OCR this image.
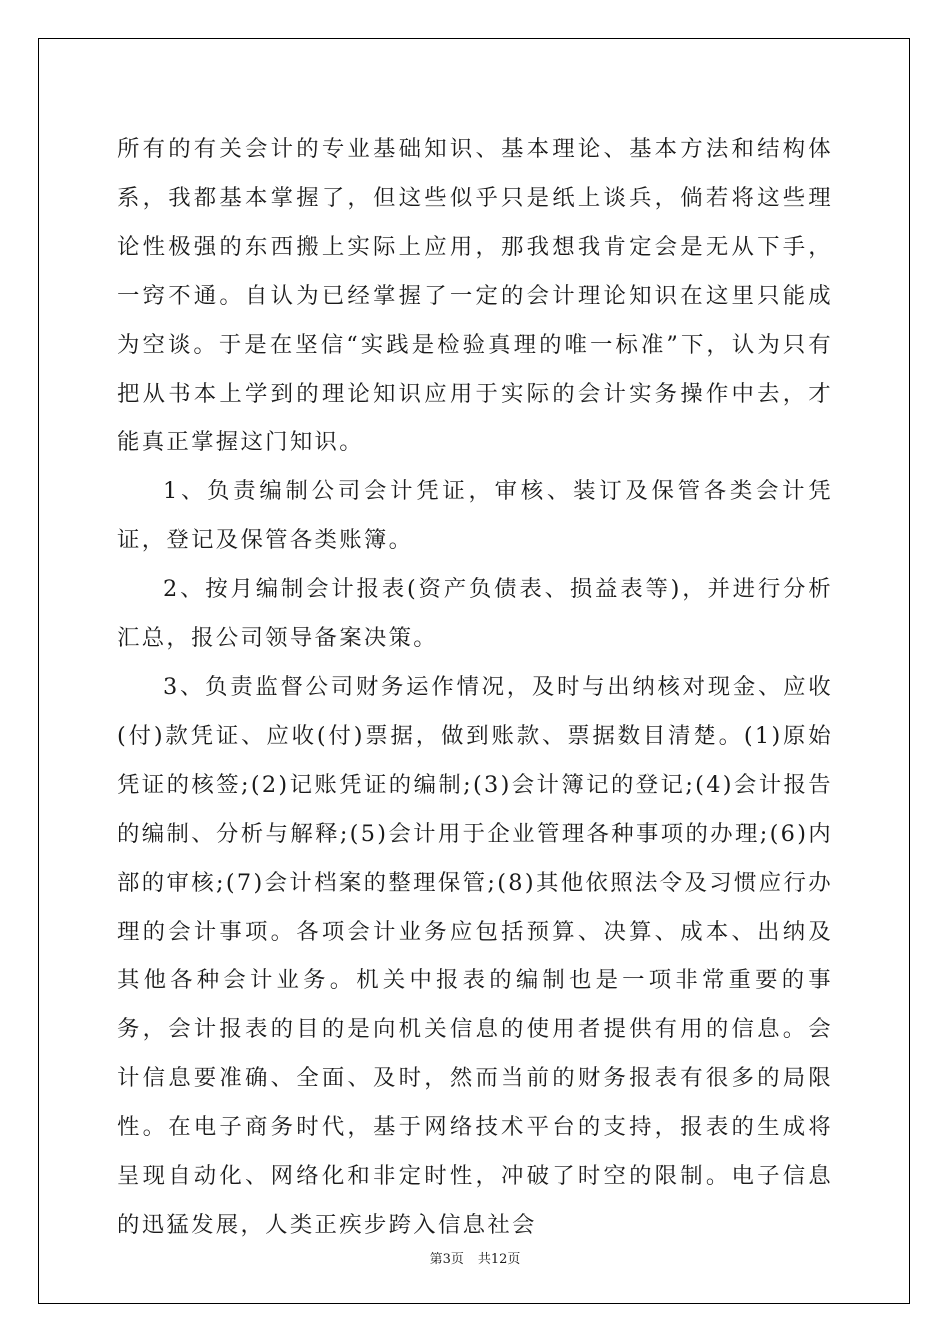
所有的有关会计的专业基础知识、基本理论、基本方法和结构体系，我都基本掌握了，但这些似乎只是纸上谈兵，倘若将这些理论性极强的东西搬上实际上应用，那我想我肯定会是无从下手，一窍不通。自认为已经掌握了一定的会计理论知识在这里只能成为空谈。于是在坚信“实践是检验真理的唯一标准”下，认为只有把从书本上学到的理论知识应用于实际的会计实务操作中去，才能真正掌握这门知识。

1、负责编制公司会计凭证，审核、装订及保管各类会计凭证，登记及保管各类账簿。

2、按月编制会计报表(资产负债表、损益表等)，并进行分析汇总，报公司领导备案决策。

3、负责监督公司财务运作情况，及时与出纳核对现金、应收(付)款凭证、应收(付)票据，做到账款、票据数目清楚。(1)原始凭证的核签;(2)记账凭证的编制;(3)会计簿记的登记;(4)会计报告的编制、分析与解释;(5)会计用于企业管理各种事项的办理;(6)内部的审核;(7)会计档案的整理保管;(8)其他依照法令及习惯应行办理的会计事项。各项会计业务应包括预算、决算、成本、出纳及其他各种会计业务。机关中报表的编制也是一项非常重要的事务，会计报表的目的是向机关信息的使用者提供有用的信息。会计信息要准确、全面、及时，然而当前的财务报表有很多的局限性。在电子商务时代，基于网络技术平台的支持，报表的生成将呈现自动化、网络化和非定时性，冲破了时空的限制。电子信息的迅猛发展，人类正疾步跨入信息社会

第3页 共12页
